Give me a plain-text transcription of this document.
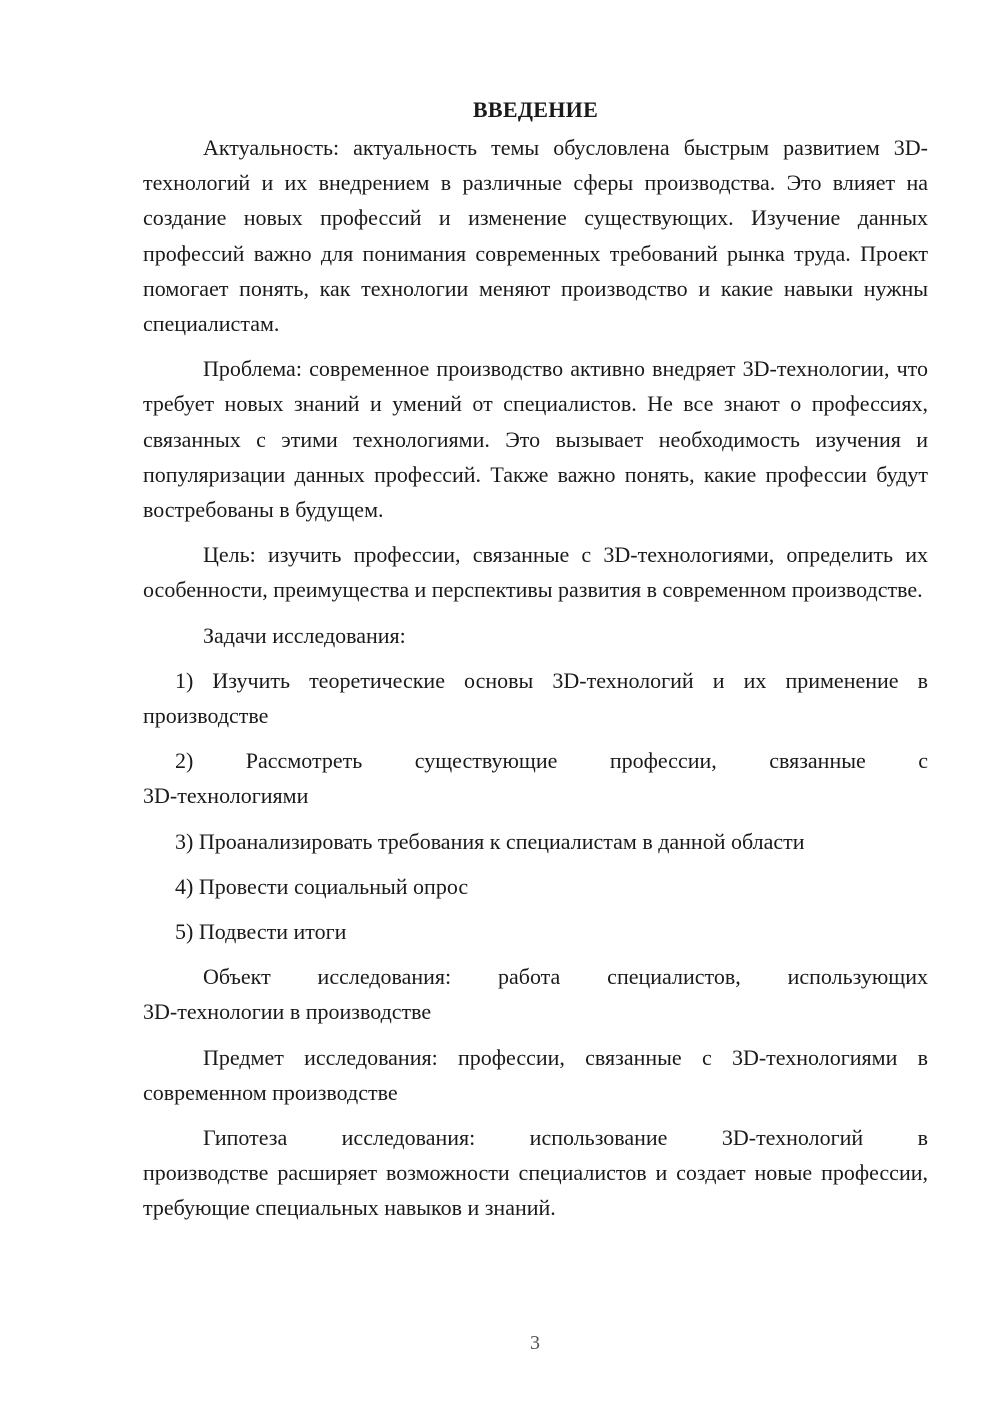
ВВЕДЕНИЕ

Актуальность: актуальность темы обусловлена быстрым развитием 3D-технологий и их внедрением в различные сферы производства. Это влияет на создание новых профессий и изменение существующих. Изучение данных профессий важно для понимания современных требований рынка труда. Проект помогает понять, как технологии меняют производство и какие навыки нужны специалистам.

Проблема: современное производство активно внедряет 3D-технологии, что требует новых знаний и умений от специалистов. Не все знают о профессиях, связанных с этими технологиями. Это вызывает необходимость изучения и популяризации данных профессий. Также важно понять, какие профессии будут востребованы в будущем.

Цель: изучить профессии, связанные с 3D-технологиями, определить их особенности, преимущества и перспективы развития в современном производстве.

Задачи исследования:

1) Изучить теоретические основы 3D-технологий и их применение в производстве

2) Рассмотреть существующие профессии, связанные с
3D-технологиями

3) Проанализировать требования к специалистам в данной области

4) Провести социальный опрос

5) Подвести итоги

Объект исследования: работа специалистов, использующих

3D-технологии в производстве

Предмет исследования: профессии, связанные с 3D-технологиями в современном производстве

Гипотеза исследования: использование 3D-технологий в

производстве расширяет возможности специалистов и создает новые профессии, требующие специальных навыков и знаний.

3
